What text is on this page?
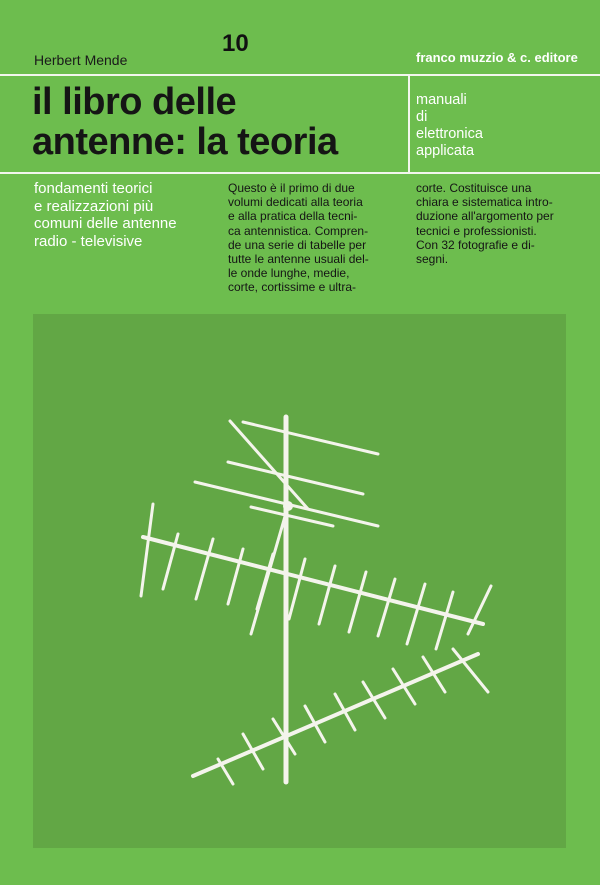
Herbert Mende
10
franco muzzio & c. editore
il libro delle
antenne: la teoria
manuali
di
elettronica
applicata
fondamenti teorici
e realizzazioni più
comuni delle antenne
radio - televisive
Questo è il primo di due
volumi dedicati alla teoria
e alla pratica della tecni-
ca antennistica. Compren-
de una serie di tabelle per
tutte le antenne usuali del-
le onde lunghe, medie,
corte, cortissime e ultra-
corte. Costituisce una
chiara e sistematica intro-
duzione all'argomento per
tecnici e professionisti.
Con 32 fotografie e di-
segni.
